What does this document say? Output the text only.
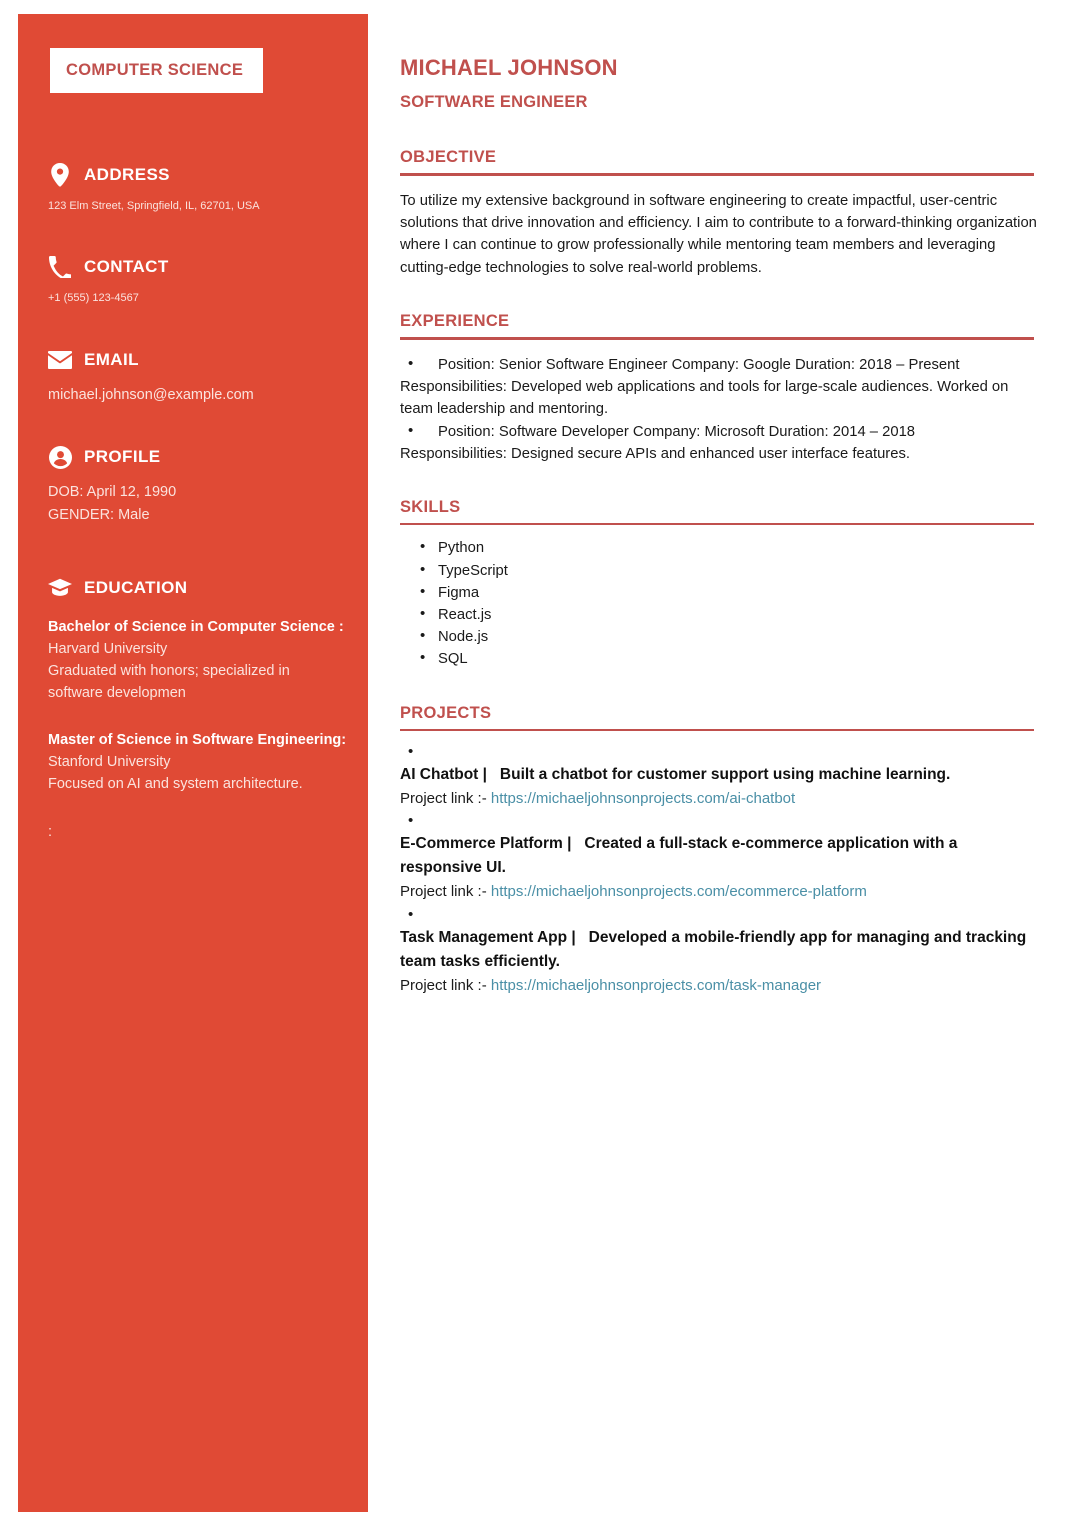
COMPUTER SCIENCE
ADDRESS
123 Elm Street, Springfield, IL, 62701, USA
CONTACT
+1 (555) 123-4567
EMAIL
michael.johnson@example.com
PROFILE
DOB: April 12, 1990
GENDER: Male
EDUCATION
Bachelor of Science in Computer Science :
Harvard University
Graduated with honors; specialized in software developmen
Master of Science in Software Engineering:
Stanford University
Focused on AI and system architecture.
:
MICHAEL JOHNSON
SOFTWARE ENGINEER
OBJECTIVE

To utilize my extensive background in software engineering to create impactful, user-centric solutions that drive innovation and efficiency. I aim to contribute to a forward-thinking organization where I can continue to grow professionally while mentoring team members and leveraging cutting-edge technologies to solve real-world problems.

EXPERIENCE
• Position: Senior Software Engineer Company: Google Duration: 2018 – Present
Responsibilities: Developed web applications and tools for large-scale audiences. Worked on team leadership and mentoring.
• Position: Software Developer Company: Microsoft Duration: 2014 – 2018
Responsibilities: Designed secure APIs and enhanced user interface features.
SKILLS
• Python
• TypeScript
• Figma
• React.js
• Node.js
• SQL
PROJECTS
•
AI Chatbot | Built a chatbot for customer support using machine learning.
Project link :- https://michaeljohnsonprojects.com/ai-chatbot
•
E-Commerce Platform | Created a full-stack e-commerce application with a responsive UI.
Project link :- https://michaeljohnsonprojects.com/ecommerce-platform
•
Task Management App | Developed a mobile-friendly app for managing and tracking team tasks efficiently.
Project link :- https://michaeljohnsonprojects.com/task-manager
